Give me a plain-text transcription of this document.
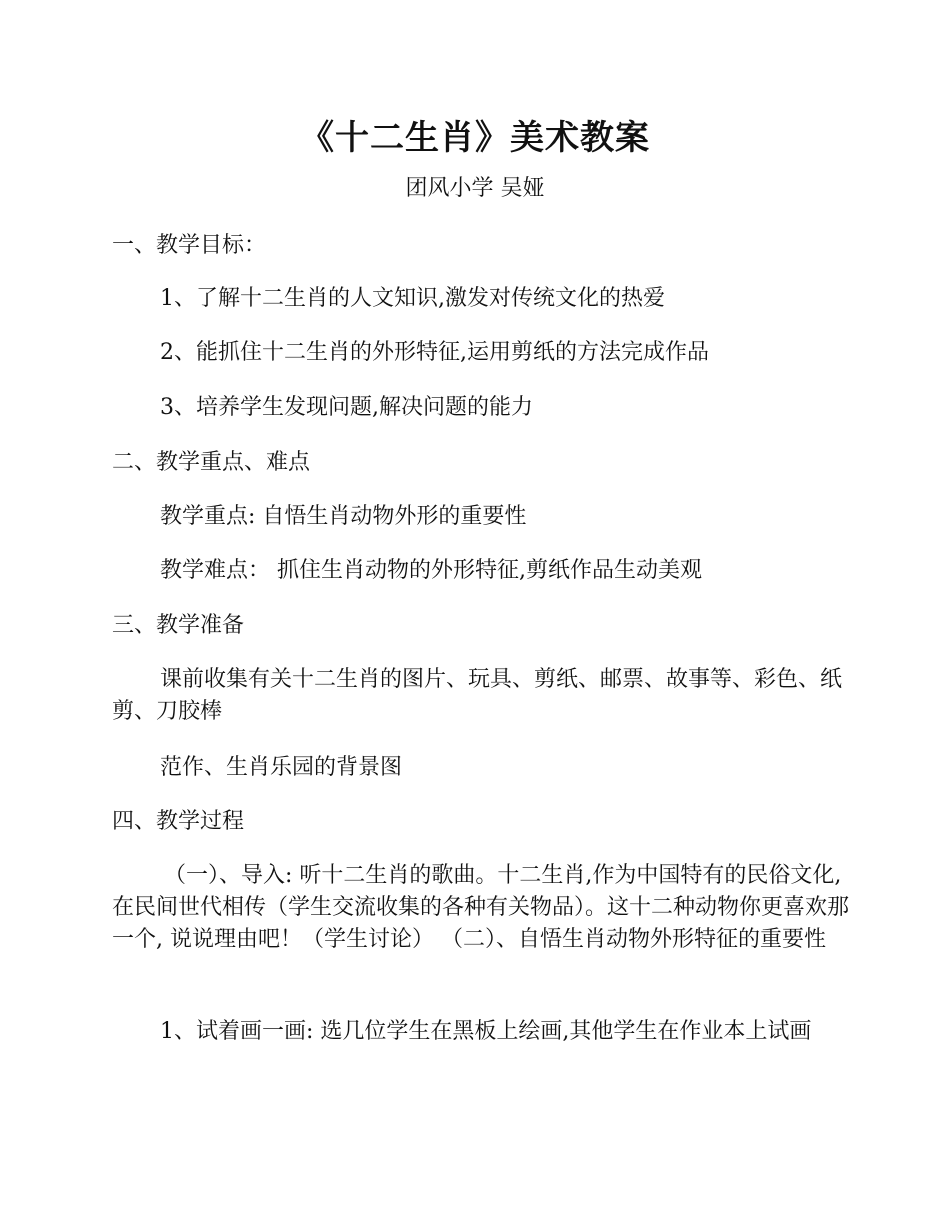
《十二生肖》美术教案
团风小学 吴娅
一、教学目标：
1、了解十二生肖的人文知识,激发对传统文化的热爱
2、能抓住十二生肖的外形特征,运用剪纸的方法完成作品
3、培养学生发现问题,解决问题的能力
二、教学重点、难点
教学重点: 自悟生肖动物外形的重要性
教学难点： 抓住生肖动物的外形特征,剪纸作品生动美观
三、教学准备
课前收集有关十二生肖的图片、玩具、剪纸、邮票、故事等、彩色、纸剪、刀胶棒
范作、生肖乐园的背景图
四、教学过程
（一）、导入: 听十二生肖的歌曲。十二生肖,作为中国特有的民俗文化,在民间世代相传（学生交流收集的各种有关物品）。这十二种动物你更喜欢那一个, 说说理由吧！（学生讨论） （二）、自悟生肖动物外形特征的重要性
1、试着画一画: 选几位学生在黑板上绘画,其他学生在作业本上试画
